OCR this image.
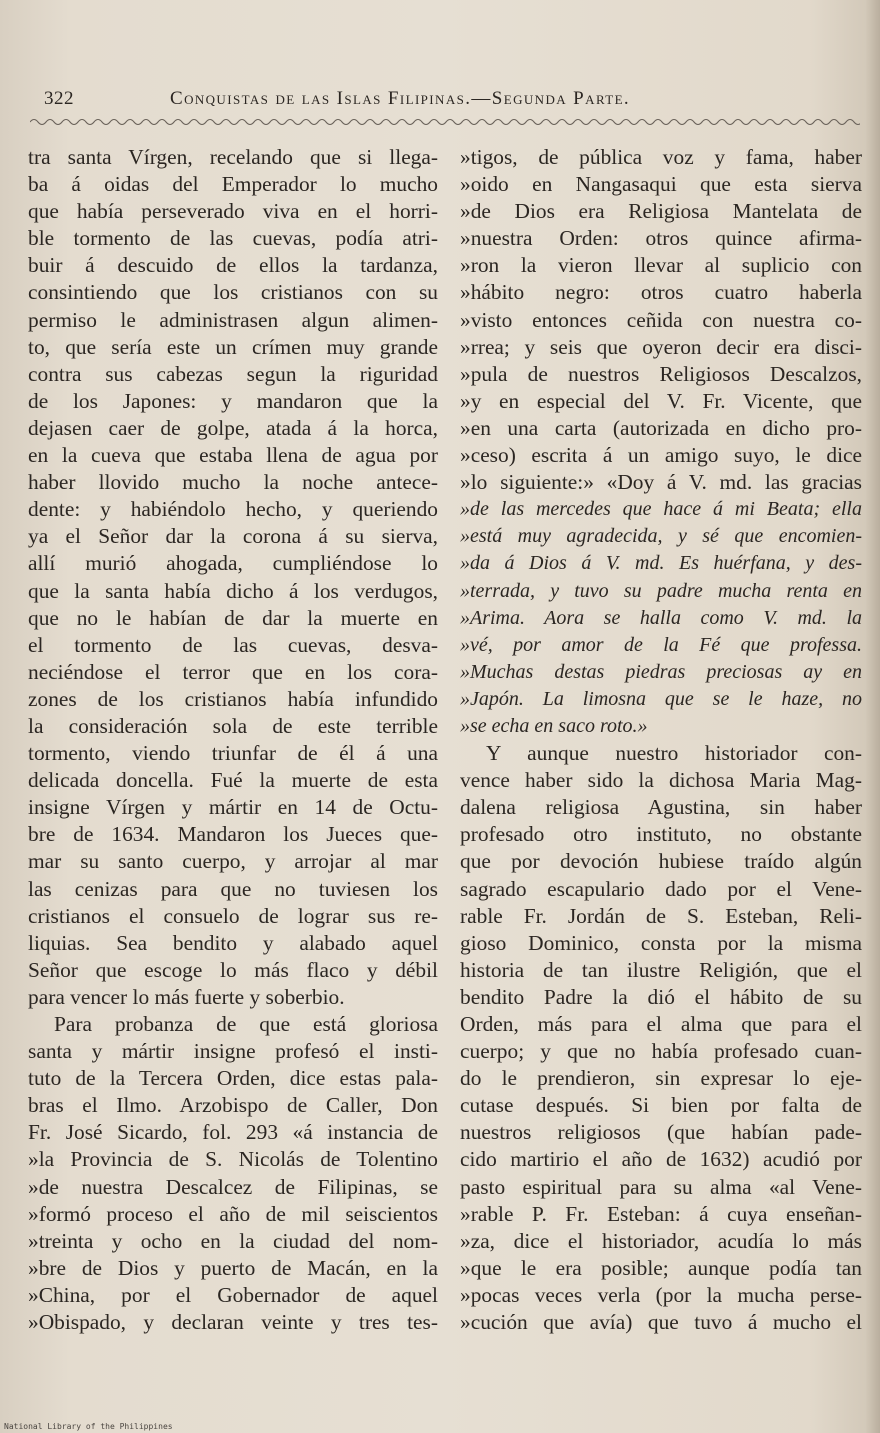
322	Conquistas de las Islas Filipinas.—Segunda Parte.
tra santa Vírgen, recelando que si llega-
ba á oidas del Emperador lo mucho
que había perseverado viva en el horri-
ble tormento de las cuevas, podía atri-
buir á descuido de ellos la tardanza,
consintiendo que los cristianos con su
permiso le administrasen algun alimen-
to, que sería este un crímen muy grande
contra sus cabezas segun la riguridad
de los Japones: y mandaron que la
dejasen caer de golpe, atada á la horca,
en la cueva que estaba llena de agua por
haber llovido mucho la noche antece-
dente: y habiéndolo hecho, y queriendo
ya el Señor dar la corona á su sierva,
allí murió ahogada, cumpliéndose lo
que la santa había dicho á los verdugos,
que no le habían de dar la muerte en
el tormento de las cuevas, desva-
neciéndose el terror que en los cora-
zones de los cristianos había infundido
la consideración sola de este terrible
tormento, viendo triunfar de él á una
delicada doncella. Fué la muerte de esta
insigne Vírgen y mártir en 14 de Octu-
bre de 1634. Mandaron los Jueces que-
mar su santo cuerpo, y arrojar al mar
las cenizas para que no tuviesen los
cristianos el consuelo de lograr sus re-
liquias. Sea bendito y alabado aquel
Señor que escoge lo más flaco y débil
para vencer lo más fuerte y soberbio.
Para probanza de que está gloriosa
santa y mártir insigne profesó el insti-
tuto de la Tercera Orden, dice estas pala-
bras el Ilmo. Arzobispo de Caller, Don
Fr. José Sicardo, fol. 293 «á instancia de
»la Provincia de S. Nicolás de Tolentino
»de nuestra Descalcez de Filipinas, se
»formó proceso el año de mil seiscientos
»treinta y ocho en la ciudad del nom-
»bre de Dios y puerto de Macán, en la
»China, por el Gobernador de aquel
»Obispado, y declaran veinte y tres tes-
»tigos, de pública voz y fama, haber
»oido en Nangasaqui que esta sierva
»de Dios era Religiosa Mantelata de
»nuestra Orden: otros quince afirma-
»ron la vieron llevar al suplicio con
»hábito negro: otros cuatro haberla
»visto entonces ceñida con nuestra co-
»rrea; y seis que oyeron decir era disci-
»pula de nuestros Religiosos Descalzos,
»y en especial del V. Fr. Vicente, que
»en una carta (autorizada en dicho pro-
»ceso) escrita á un amigo suyo, le dice
»lo siguiente:» «Doy á V. md. las gracias
»de las mercedes que hace á mi Beata; ella
»está muy agradecida, y sé que encomien-
»da á Dios á V. md. Es huérfana, y des-
»terrada, y tuvo su padre mucha renta en
»Arima. Aora se halla como V. md. la
»vé, por amor de la Fé que professa.
»Muchas destas piedras preciosas ay en
»Japón. La limosna que se le haze, no
»se echa en saco roto.»
Y aunque nuestro historiador con-
vence haber sido la dichosa Maria Mag-
dalena religiosa Agustina, sin haber
profesado otro instituto, no obstante
que por devoción hubiese traído algún
sagrado escapulario dado por el Vene-
rable Fr. Jordán de S. Esteban, Reli-
gioso Dominico, consta por la misma
historia de tan ilustre Religión, que el
bendito Padre la dió el hábito de su
Orden, más para el alma que para el
cuerpo; y que no había profesado cuan-
do le prendieron, sin expresar lo eje-
cutase después. Si bien por falta de
nuestros religiosos (que habían pade-
cido martirio el año de 1632) acudió por
pasto espiritual para su alma «al Vene-
»rable P. Fr. Esteban: á cuya enseñan-
»za, dice el historiador, acudía lo más
»que le era posible; aunque podía tan
»pocas veces verla (por la mucha perse-
»cución que avía) que tuvo á mucho el
National Library of the Philippines
